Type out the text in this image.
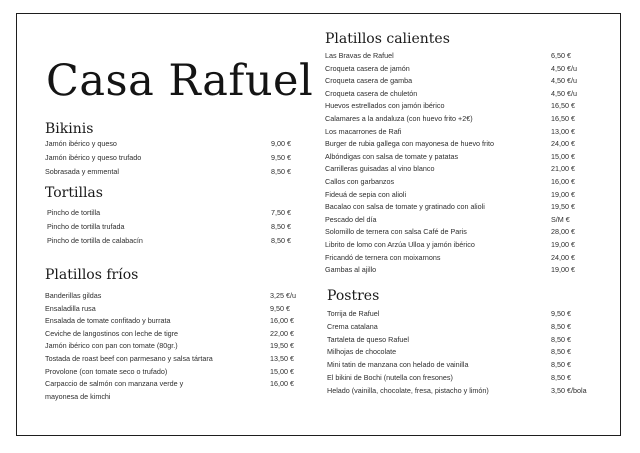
Casa Rafuel
Bikinis
Jamón ibérico y queso	9,00 €
Jamón ibérico y queso trufado	9,50 €
Sobrasada y emmental	8,50 €
Tortillas
Pincho de tortilla	7,50 €
Pincho de tortilla trufada	8,50 €
Pincho de tortilla de calabacín	8,50 €
Platillos fríos
Banderillas gildas	3,25 €/u
Ensaladilla rusa	9,50 €
Ensalada de tomate confitado y burrata	16,00 €
Ceviche de langostinos con leche de tigre	22,00 €
Jamón ibérico con pan con tomate (80gr.)	19,50 €
Tostada de roast beef con parmesano y salsa tártara	13,50 €
Provolone (con tomate seco o trufado)	15,00 €
Carpaccio de salmón con manzana verde y	16,00 €
mayonesa de kimchi
Platillos calientes
Las Bravas de Rafuel	6,50 €
Croqueta casera de jamón	4,50 €/u
Croqueta casera de gamba	4,50 €/u
Croqueta casera de chuletón	4,50 €/u
Huevos estrellados con jamón ibérico	16,50 €
Calamares a la andaluza (con huevo frito +2€)	16,50 €
Los macarrones de Rafi	13,00 €
Burger de rubia gallega con mayonesa de huevo frito	24,00 €
Albóndigas con salsa de tomate y patatas	15,00 €
Carrilleras guisadas al vino blanco	21,00 €
Callos con garbanzos	16,00 €
Fideuá de sepia con alioli	19,00 €
Bacalao con salsa de tomate y gratinado con alioli	19,50 €
Pescado del día	S/M €
Solomillo de ternera con salsa Café de Paris	28,00 €
Librito de lomo con Arzúa Ulloa y jamón ibérico	19,00 €
Fricandó de ternera con moixarnons	24,00 €
Gambas al ajillo	19,00 €
Postres
Torrija de Rafuel	9,50 €
Crema catalana	8,50 €
Tartaleta de queso Rafuel	8,50 €
Milhojas de chocolate	8,50 €
Mini tatin de manzana con helado de vainilla	8,50 €
El bikini de Bochi (nutella con fresones)	8,50 €
Helado (vainilla, chocolate, fresa, pistacho y limón)	3,50 €/bola
